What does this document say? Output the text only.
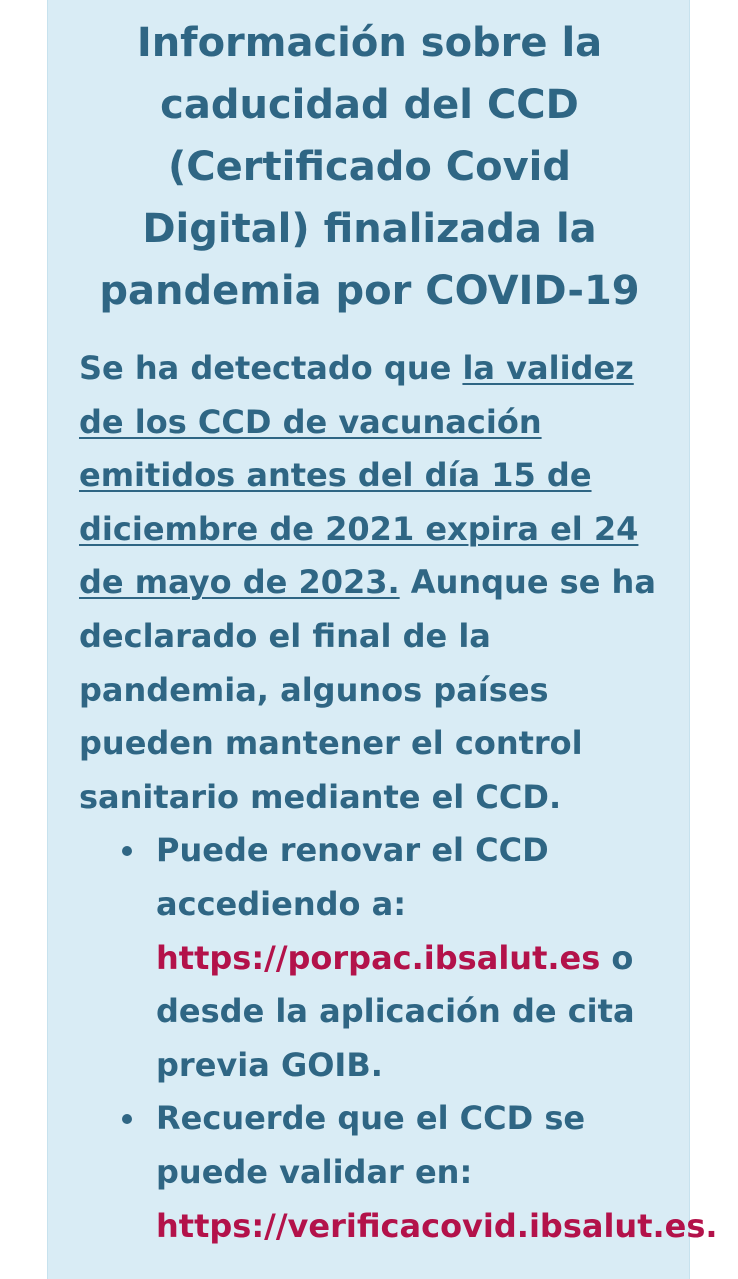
Información sobre la caducidad del CCD (Certificado Covid Digital) finalizada la pandemia por COVID-19

Se ha detectado que la validez de los CCD de vacunación emitidos antes del día 15 de diciembre de 2021 expira el 24 de mayo de 2023. Aunque se ha declarado el final de la pandemia, algunos países pueden mantener el control sanitario mediante el CCD.

Puede renovar el CCD accediendo a: https://porpac.ibsalut.es o desde la aplicación de cita previa GOIB.
Recuerde que el CCD se puede validar en: https://verificacovid.ibsalut.es.
